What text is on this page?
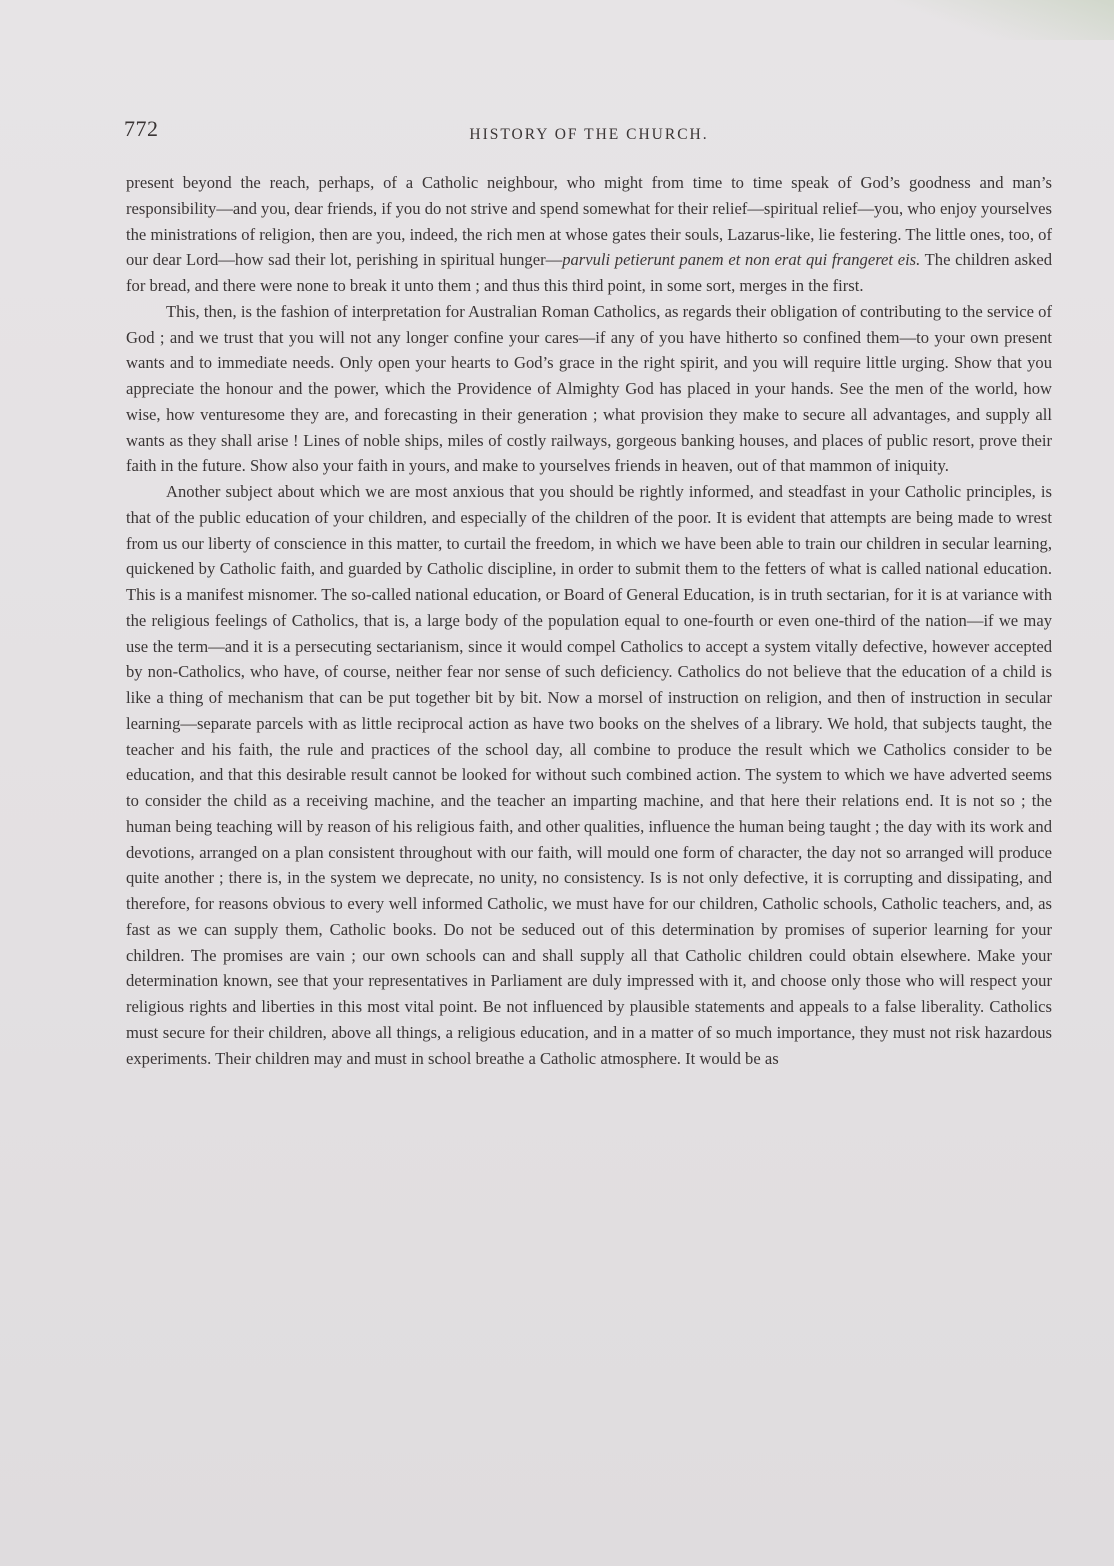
772	HISTORY OF THE CHURCH.

present beyond the reach, perhaps, of a Catholic neighbour, who might from time to time speak of God’s goodness and man’s responsibility—and you, dear friends, if you do not strive and spend somewhat for their relief—spiritual relief—you, who enjoy yourselves the ministrations of religion, then are you, indeed, the rich men at whose gates their souls, Lazarus-like, lie festering. The little ones, too, of our dear Lord—how sad their lot, perishing in spiritual hunger—parvuli petierunt panem et non erat qui frangeret eis. The children asked for bread, and there were none to break it unto them ; and thus this third point, in some sort, merges in the first.

This, then, is the fashion of interpretation for Australian Roman Catholics, as regards their obligation of contributing to the service of God ; and we trust that you will not any longer confine your cares—if any of you have hitherto so confined them—to your own present wants and to immediate needs. Only open your hearts to God’s grace in the right spirit, and you will require little urging. Show that you appreciate the honour and the power, which the Providence of Almighty God has placed in your hands. See the men of the world, how wise, how venturesome they are, and forecasting in their generation ; what provision they make to secure all advantages, and supply all wants as they shall arise ! Lines of noble ships, miles of costly railways, gorgeous banking houses, and places of public resort, prove their faith in the future. Show also your faith in yours, and make to yourselves friends in heaven, out of that mammon of iniquity.

Another subject about which we are most anxious that you should be rightly informed, and steadfast in your Catholic principles, is that of the public education of your children, and especially of the children of the poor. It is evident that attempts are being made to wrest from us our liberty of conscience in this matter, to curtail the freedom, in which we have been able to train our children in secular learning, quickened by Catholic faith, and guarded by Catholic discipline, in order to submit them to the fetters of what is called national education. This is a manifest misnomer. The so-called national education, or Board of General Education, is in truth sectarian, for it is at variance with the religious feelings of Catholics, that is, a large body of the population equal to one-fourth or even one-third of the nation—if we may use the term—and it is a persecuting sectarianism, since it would compel Catholics to accept a system vitally defective, however accepted by non-Catholics, who have, of course, neither fear nor sense of such deficiency. Catholics do not believe that the education of a child is like a thing of mechanism that can be put together bit by bit. Now a morsel of instruction on religion, and then of instruction in secular learning—separate parcels with as little reciprocal action as have two books on the shelves of a library. We hold, that subjects taught, the teacher and his faith, the rule and practices of the school day, all combine to produce the result which we Catholics consider to be education, and that this desirable result cannot be looked for without such combined action. The system to which we have adverted seems to consider the child as a receiving machine, and the teacher an imparting machine, and that here their relations end. It is not so ; the human being teaching will by reason of his religious faith, and other qualities, influence the human being taught ; the day with its work and devotions, arranged on a plan consistent throughout with our faith, will mould one form of character, the day not so arranged will produce quite another ; there is, in the system we deprecate, no unity, no consistency. Is is not only defective, it is corrupting and dissipating, and therefore, for reasons obvious to every well informed Catholic, we must have for our children, Catholic schools, Catholic teachers, and, as fast as we can supply them, Catholic books. Do not be seduced out of this determination by promises of superior learning for your children. The promises are vain ; our own schools can and shall supply all that Catholic children could obtain elsewhere. Make your determination known, see that your representatives in Parliament are duly impressed with it, and choose only those who will respect your religious rights and liberties in this most vital point. Be not influenced by plausible statements and appeals to a false liberality. Catholics must secure for their children, above all things, a religious education, and in a matter of so much importance, they must not risk hazardous experiments. Their children may and must in school breathe a Catholic atmosphere. It would be as
